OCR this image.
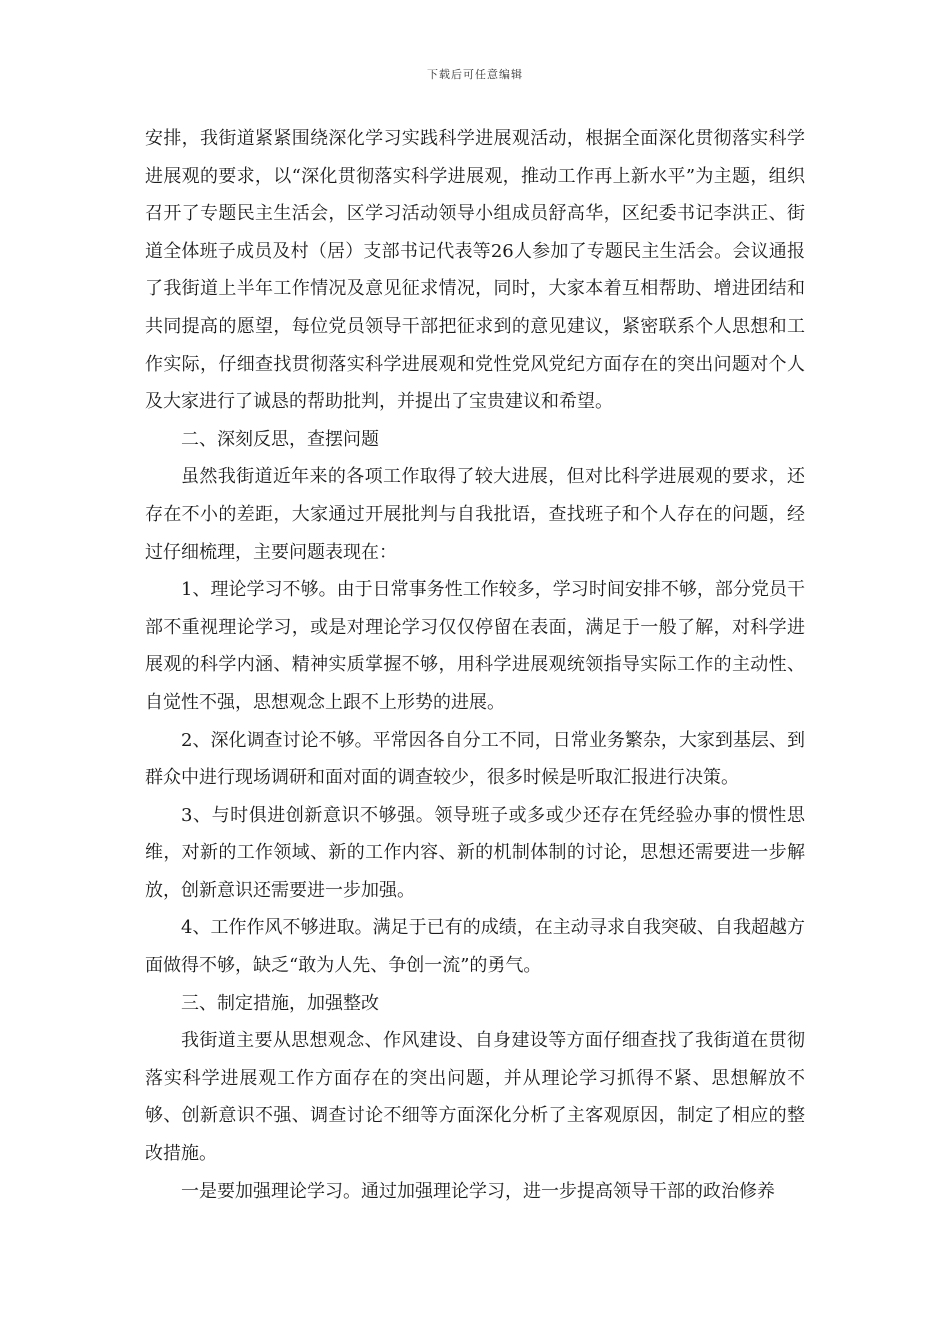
下载后可任意编辑

安排，我街道紧紧围绕深化学习实践科学进展观活动，根据全面深化贯彻落实科学进展观的要求，以“深化贯彻落实科学进展观，推动工作再上新水平”为主题，组织召开了专题民主生活会，区学习活动领导小组成员舒高华，区纪委书记李洪正、街道全体班子成员及村（居）支部书记代表等26人参加了专题民主生活会。会议通报了我街道上半年工作情况及意见征求情况，同时，大家本着互相帮助、增进团结和共同提高的愿望，每位党员领导干部把征求到的意见建议，紧密联系个人思想和工作实际，仔细查找贯彻落实科学进展观和党性党风党纪方面存在的突出问题对个人及大家进行了诚恳的帮助批判，并提出了宝贵建议和希望。

二、深刻反思，查摆问题

虽然我街道近年来的各项工作取得了较大进展，但对比科学进展观的要求，还存在不小的差距，大家通过开展批判与自我批语，查找班子和个人存在的问题，经过仔细梳理，主要问题表现在：

1、理论学习不够。由于日常事务性工作较多，学习时间安排不够，部分党员干部不重视理论学习，或是对理论学习仅仅停留在表面，满足于一般了解，对科学进展观的科学内涵、精神实质掌握不够，用科学进展观统领指导实际工作的主动性、自觉性不强，思想观念上跟不上形势的进展。

2、深化调查讨论不够。平常因各自分工不同，日常业务繁杂，大家到基层、到群众中进行现场调研和面对面的调查较少，很多时候是听取汇报进行决策。

3、与时俱进创新意识不够强。领导班子或多或少还存在凭经验办事的惯性思维，对新的工作领域、新的工作内容、新的机制体制的讨论，思想还需要进一步解放，创新意识还需要进一步加强。

4、工作作风不够进取。满足于已有的成绩，在主动寻求自我突破、自我超越方面做得不够，缺乏“敢为人先、争创一流”的勇气。

三、制定措施，加强整改

我街道主要从思想观念、作风建设、自身建设等方面仔细查找了我街道在贯彻落实科学进展观工作方面存在的突出问题，并从理论学习抓得不紧、思想解放不够、创新意识不强、调查讨论不细等方面深化分析了主客观原因，制定了相应的整改措施。

一是要加强理论学习。通过加强理论学习，进一步提高领导干部的政治修养
